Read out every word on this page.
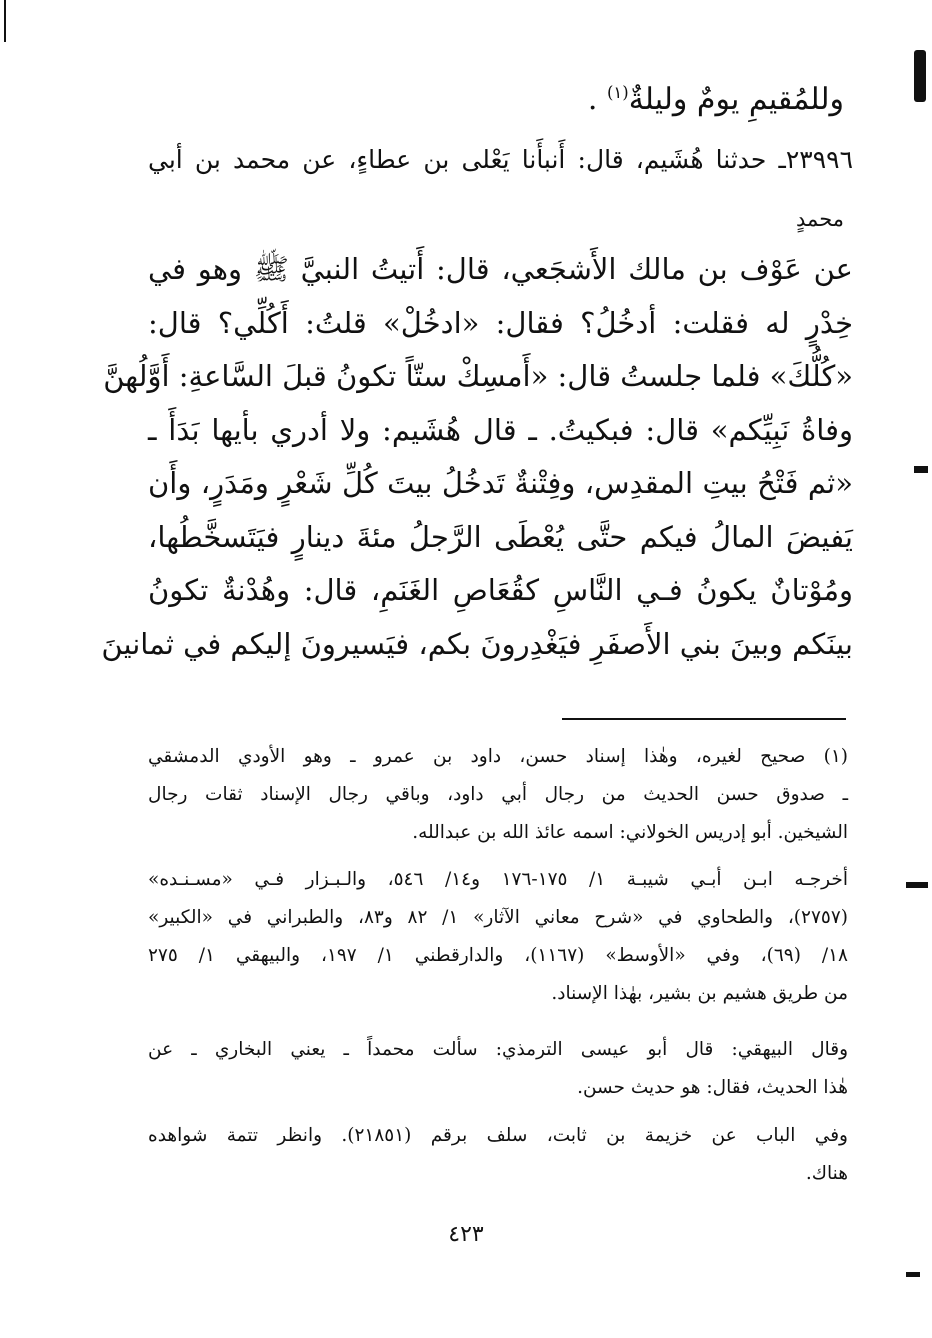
وللمُقيمِ يومٌ وليلةٌ$^{(١)}$ .
٢٣٩٩٦ـ حدثنا هُشَيم، قال: أَنبأَنا يَعْلى بن عطاءٍ، عن محمد بن أبي
محمدٍ
عن عَوْف بن مالك الأَشجَعي، قال: أَتيتُ النبيَّ ﷺ وهو في
خِدْرٍ له فقلت: أدخُلُ؟ فقال: «ادخُلْ» قلتُ: أَكُلِّي؟ قال:
«كُلُّكَ» فلما جلستُ قال: «أَمسِكْ ستّاً تكونُ قبلَ السَّاعةِ: أَوَّلُهنَّ
وفاةُ نَبِيِّكم» قال: فبكيتُ. ـ قال هُشَيم: ولا أدري بأيها بَدَأَ ـ
«ثم فَتْحُ بيتِ المقدِس، وفِتْنةٌ تَدخُلُ بيتَ كُلِّ شَعْرٍ ومَدَرٍ، وأَن
يَفيضَ المالُ فيكم حتَّى يُعْطَى الرَّجلُ مئةَ دينارٍ فيَتَسخَّطُها،
ومُوْتانٌ يكونُ فـي النَّاسِ كقُعَاصِ الغَنَمِ، قال: وهُدْنةٌ تكونُ
بينَكم وبينَ بني الأَصفَرِ فيَغْدِرونَ بكم، فيَسيرونَ إليكم في ثمانينَ
(١) صحيح لغيره، وهٰذا إسناد حسن، داود بن عمرو ـ وهو الأودي الدمشقي
ـ صدوق حسن الحديث من رجال أبي داود، وباقي رجال الإسناد ثقات رجال
الشيخين. أبو إدريس الخولاني: اسمه عائذ الله بن عبدالله.
أخرجـه ابـن أبـي شيبـة ١/ ١٧٥-١٧٦ و١٤/ ٥٤٦، والـبـزار فـي «مسـنـده»
(٢٧٥٧)، والطحاوي في «شرح معاني الآثار» ١/ ٨٢ و٨٣، والطبراني في «الكبير»
١٨/ (٦٩)، وفي «الأوسط» (١١٦٧)، والدارقطني ١/ ١٩٧، والبيهقي ١/ ٢٧٥
من طريق هشيم بن بشير، بهٰذا الإسناد.
وقال البيهقي: قال أبو عيسى الترمذي: سألت محمداً ـ يعني البخاري ـ عن
هٰذا الحديث، فقال: هو حديث حسن.
وفي الباب عن خزيمة بن ثابت، سلف برقم (٢١٨٥١). وانظر تتمة شواهده
هناك.
٤٢٣
